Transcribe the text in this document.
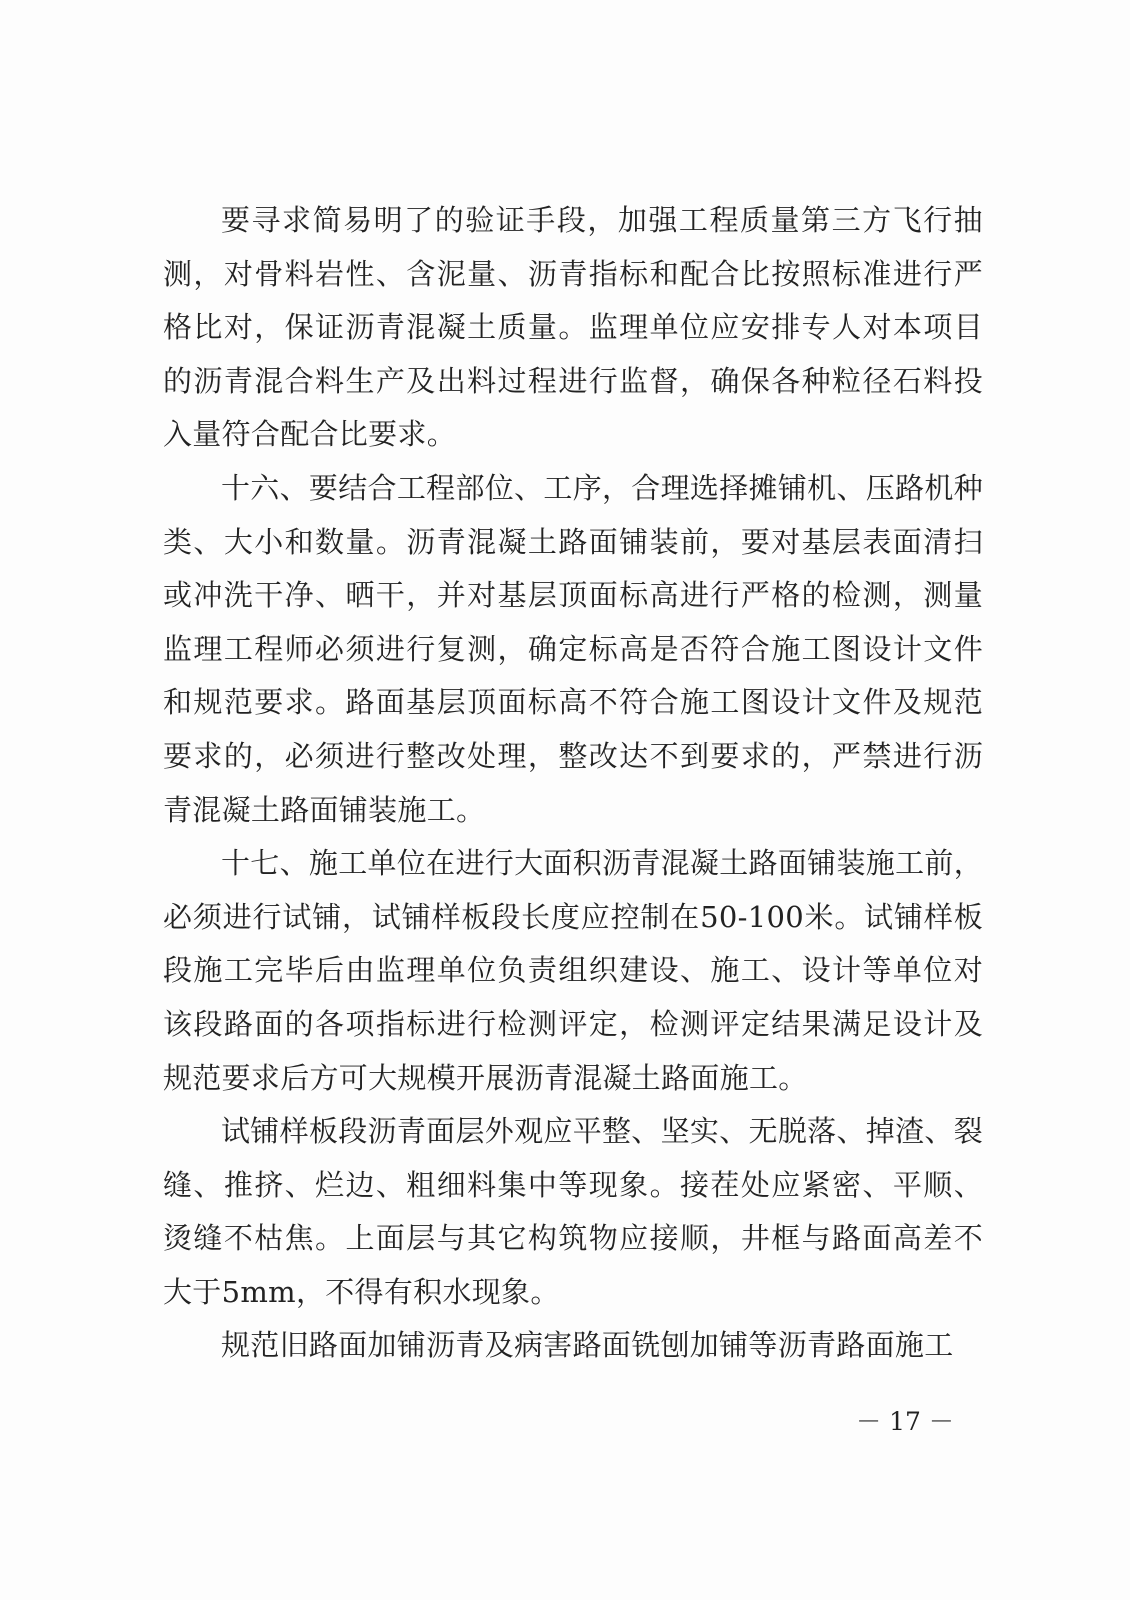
要寻求简易明了的验证手段，加强工程质量第三方飞行抽测，对骨料岩性、含泥量、沥青指标和配合比按照标准进行严格比对，保证沥青混凝土质量。监理单位应安排专人对本项目的沥青混合料生产及出料过程进行监督，确保各种粒径石料投入量符合配合比要求。

十六、要结合工程部位、工序，合理选择摊铺机、压路机种类、大小和数量。沥青混凝土路面铺装前，要对基层表面清扫或冲洗干净、晒干，并对基层顶面标高进行严格的检测，测量监理工程师必须进行复测，确定标高是否符合施工图设计文件和规范要求。路面基层顶面标高不符合施工图设计文件及规范要求的，必须进行整改处理，整改达不到要求的，严禁进行沥青混凝土路面铺装施工。

十七、施工单位在进行大面积沥青混凝土路面铺装施工前，必须进行试铺，试铺样板段长度应控制在50-100米。试铺样板段施工完毕后由监理单位负责组织建设、施工、设计等单位对该段路面的各项指标进行检测评定，检测评定结果满足设计及规范要求后方可大规模开展沥青混凝土路面施工。

试铺样板段沥青面层外观应平整、坚实、无脱落、掉渣、裂缝、推挤、烂边、粗细料集中等现象。接茬处应紧密、平顺、烫缝不枯焦。上面层与其它构筑物应接顺，井框与路面高差不大于5mm，不得有积水现象。

规范旧路面加铺沥青及病害路面铣刨加铺等沥青路面施工

－ 17 －
